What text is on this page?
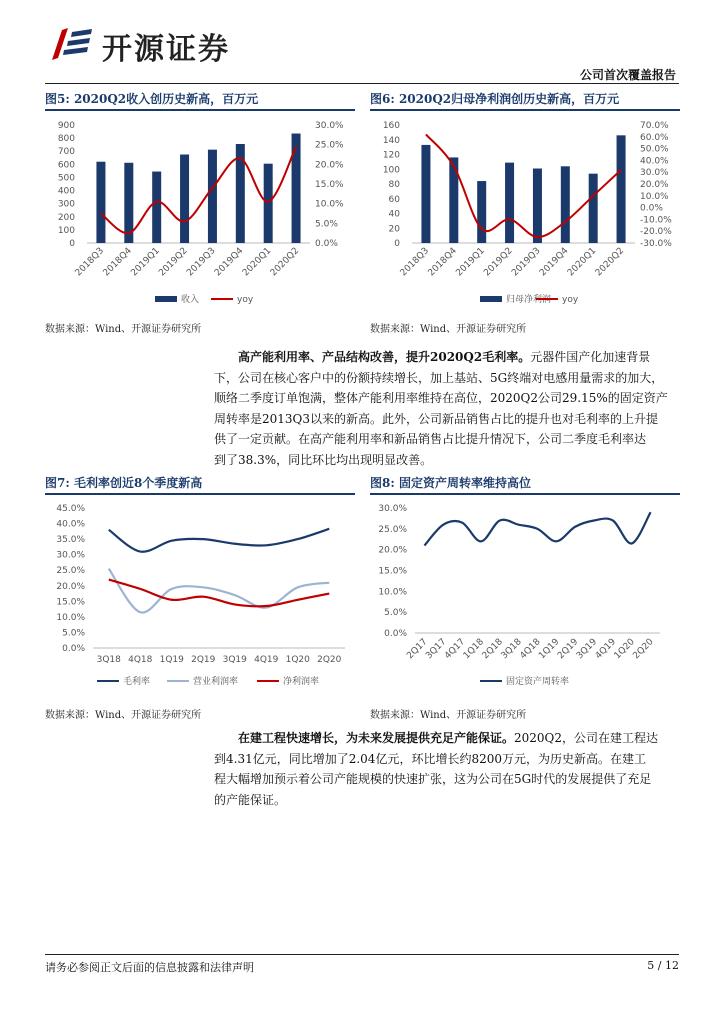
开源证券
公司首次覆盖报告
图5: 2020Q2收入创历史新高，百万元
900
800
700
600
500
400
300
200
100
0
30.0%
25.0%
20.0%
15.0%
10.0%
5.0%
0.0%
2018Q3
2018Q4
2019Q1
2019Q2
2019Q3
2019Q4
2020Q1
2020Q2
收入	yoy
数据来源：Wind、开源证券研究所
图6: 2020Q2归母净利润创历史新高，百万元
160
140
120
100
80
60
40
20
0
70.0%
60.0%
50.0%
40.0%
30.0%
20.0%
10.0%
0.0%
-10.0%
-20.0%
-30.0%
2018Q3
2018Q4
2019Q1
2019Q2
2019Q3
2019Q4
2020Q1
2020Q2
归母净利润 yoy
数据来源：Wind、开源证券研究所
高产能利用率、产品结构改善，提升2020Q2毛利率。元器件国产化加速背景
下，公司在核心客户中的份额持续增长，加上基站、5G终端对电感用量需求的加大，
顺络二季度订单饱满，整体产能利用率维持在高位，2020Q2公司29.15%的固定资产
周转率是2013Q3以来的新高。此外，公司新品销售占比的提升也对毛利率的上升提
供了一定贡献。在高产能利用率和新品销售占比提升情况下，公司二季度毛利率达
到了38.3%，同比环比均出现明显改善。
图7: 毛利率创近8个季度新高
45.0%
40.0%
35.0%
30.0%
25.0%
20.0%
15.0%
10.0%
5.0%
0.0%
3Q18 4Q18 1Q19 2Q19 3Q19 4Q19 1Q20 2Q20
毛利率	营业利润率	净利润率
数据来源：Wind、开源证券研究所
图8: 固定资产周转率维持高位
30.0%
25.0%
20.0%
15.0%
10.0%
5.0%
0.0%
2Q17
3Q17
4Q17
1Q18
2Q18
3Q18
4Q18
1Q19
2Q19
3Q19
4Q19
1Q20
2Q20
固定资产周转率
数据来源：Wind、开源证券研究所
在建工程快速增长，为未来发展提供充足产能保证。2020Q2，公司在建工程达
到4.31亿元，同比增加了2.04亿元，环比增长约8200万元，为历史新高。在建工
程大幅增加预示着公司产能规模的快速扩张，这为公司在5G时代的发展提供了充足
的产能保证。
请务必参阅正文后面的信息披露和法律声明	5 / 12
